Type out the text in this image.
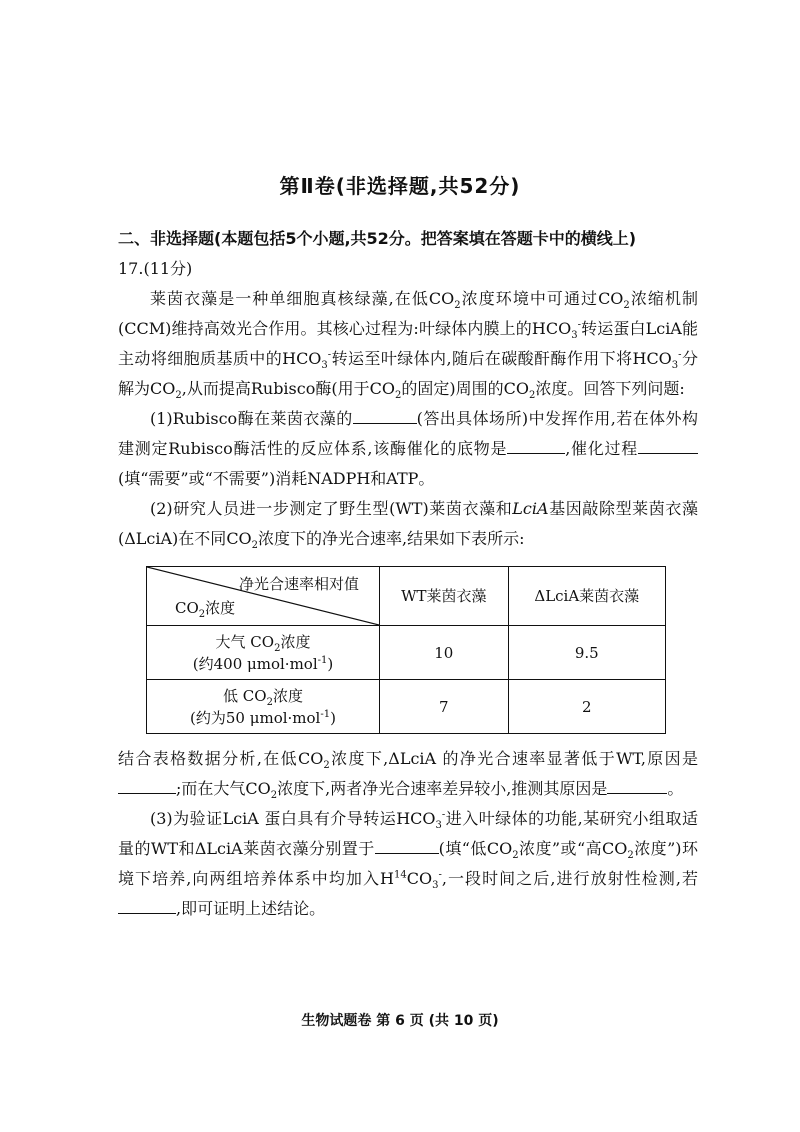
第Ⅱ卷(非选择题,共52分)

二、非选择题(本题包括5个小题,共52分。把答案填在答题卡中的横线上)

17.(11分)

莱茵衣藻是一种单细胞真核绿藻,在低$CO_2$浓度环境中可通过$CO_2$浓缩机制(CCM)维持高效光合作用。其核心过程为:叶绿体内膜上的$HCO_3^-$转运蛋白LciA能主动将细胞质基质中的$HCO_3^-$转运至叶绿体内,随后在碳酸酐酶作用下将$HCO_3^-$分解为$CO_2$,从而提高Rubisco酶(用于$CO_2$的固定)周围的$CO_2$浓度。回答下列问题:

(1)Rubisco酶在莱茵衣藻的	(答出具体场所)中发挥作用,若在体外构建测定Rubisco酶活性的反应体系,该酶催化的底物是	,催化过程(填“需要”或“不需要”)消耗NADPH和ATP。

(2)研究人员进一步测定了野生型(WT)莱茵衣藻和LciA基因敲除型莱茵衣藻(ΔLciA)在不同$CO_2$浓度下的净光合速率,结果如下表所示:

净光合速率相对值
$CO_2$浓度	WT莱茵衣藻	ΔLciA莱茵衣藻

大气 $CO_2$浓度
(约400 μmol·mol$^{-1}$)	10	9.5

低 $CO_2$浓度
(约为50 μmol·mol$^{-1}$)	7	2

结合表格数据分析,在低$CO_2$浓度下,ΔLciA 的净光合速率显著低于WT,原因是;而在大气$CO_2$浓度下,两者净光合速率差异较小,推测其原因是	。

(3)为验证LciA 蛋白具有介导转运$HCO_3^-$进入叶绿体的功能,某研究小组取适量的WT和ΔLciA莱茵衣藻分别置于	(填“低$CO_2$浓度”或“高$CO_2$浓度”)环境下培养,向两组培养体系中均加入$H^{14}CO_3^-$,一段时间之后,进行放射性检测,若,即可证明上述结论。

生物试题卷 第 6 页 (共 10 页)
